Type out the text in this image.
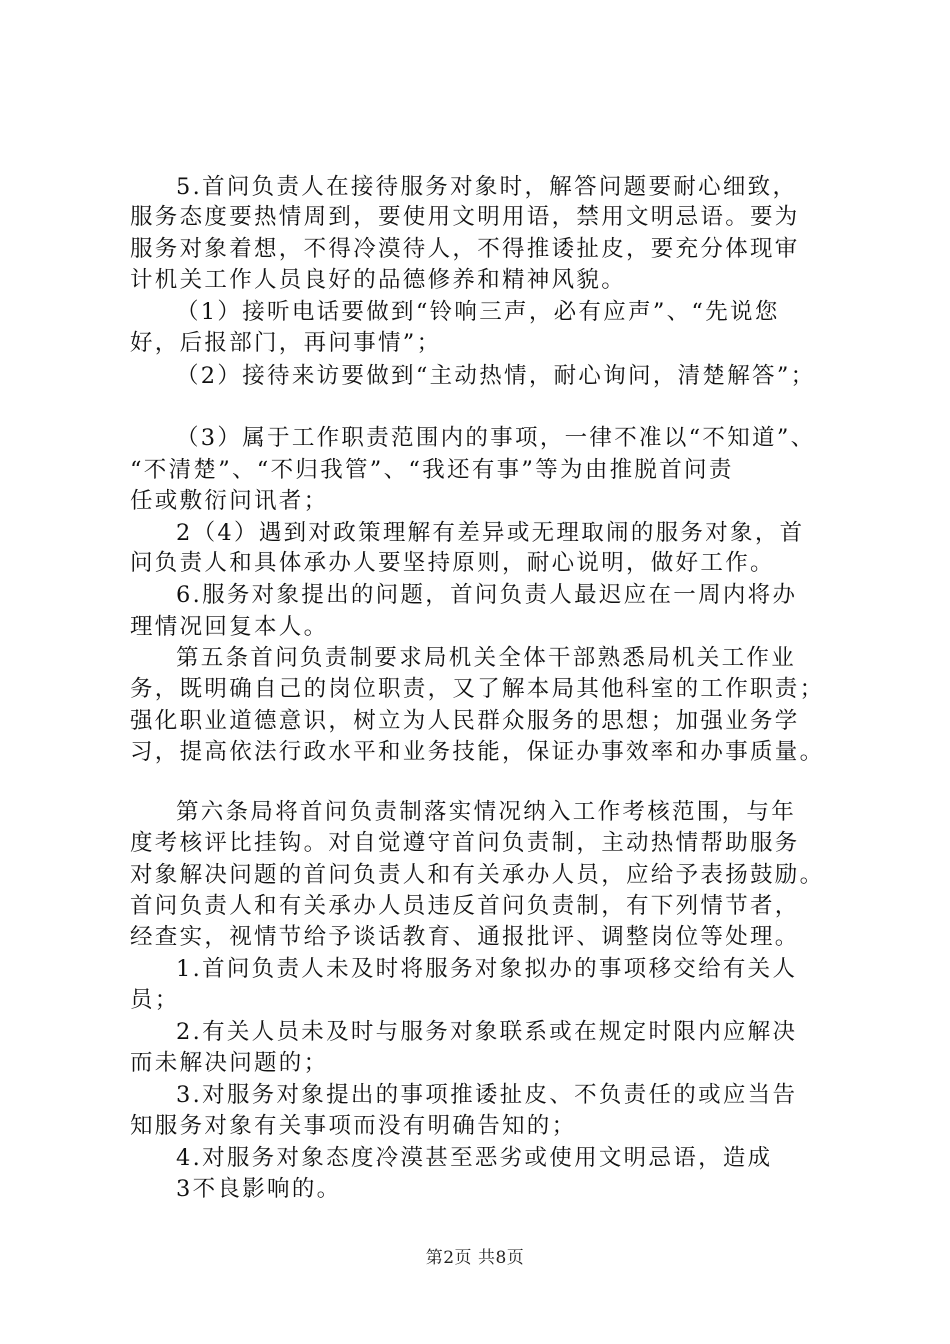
5.首问负责人在接待服务对象时，解答问题要耐心细致，
服务态度要热情周到，要使用文明用语，禁用文明忌语。要为
服务对象着想，不得冷漠待人，不得推诿扯皮，要充分体现审
计机关工作人员良好的品德修养和精神风貌。
（1）接听电话要做到“铃响三声，必有应声”、“先说您
好，后报部门，再问事情”；
（2）接待来访要做到“主动热情，耐心询问，清楚解答”；
（3）属于工作职责范围内的事项，一律不准以“不知道”、
“不清楚”、“不归我管”、“我还有事”等为由推脱首问责
任或敷衍问讯者；
2（4）遇到对政策理解有差异或无理取闹的服务对象，首
问负责人和具体承办人要坚持原则，耐心说明，做好工作。
6.服务对象提出的问题，首问负责人最迟应在一周内将办
理情况回复本人。
第五条首问负责制要求局机关全体干部熟悉局机关工作业
务，既明确自己的岗位职责，又了解本局其他科室的工作职责；
强化职业道德意识，树立为人民群众服务的思想；加强业务学
习，提高依法行政水平和业务技能，保证办事效率和办事质量。
第六条局将首问负责制落实情况纳入工作考核范围，与年
度考核评比挂钩。对自觉遵守首问负责制，主动热情帮助服务
对象解决问题的首问负责人和有关承办人员，应给予表扬鼓励。
首问负责人和有关承办人员违反首问负责制，有下列情节者，
经查实，视情节给予谈话教育、通报批评、调整岗位等处理。
1.首问负责人未及时将服务对象拟办的事项移交给有关人
员；
2.有关人员未及时与服务对象联系或在规定时限内应解决
而未解决问题的；
3.对服务对象提出的事项推诿扯皮、不负责任的或应当告
知服务对象有关事项而没有明确告知的；
4.对服务对象态度冷漠甚至恶劣或使用文明忌语，造成
3不良影响的。
第2页 共8页
